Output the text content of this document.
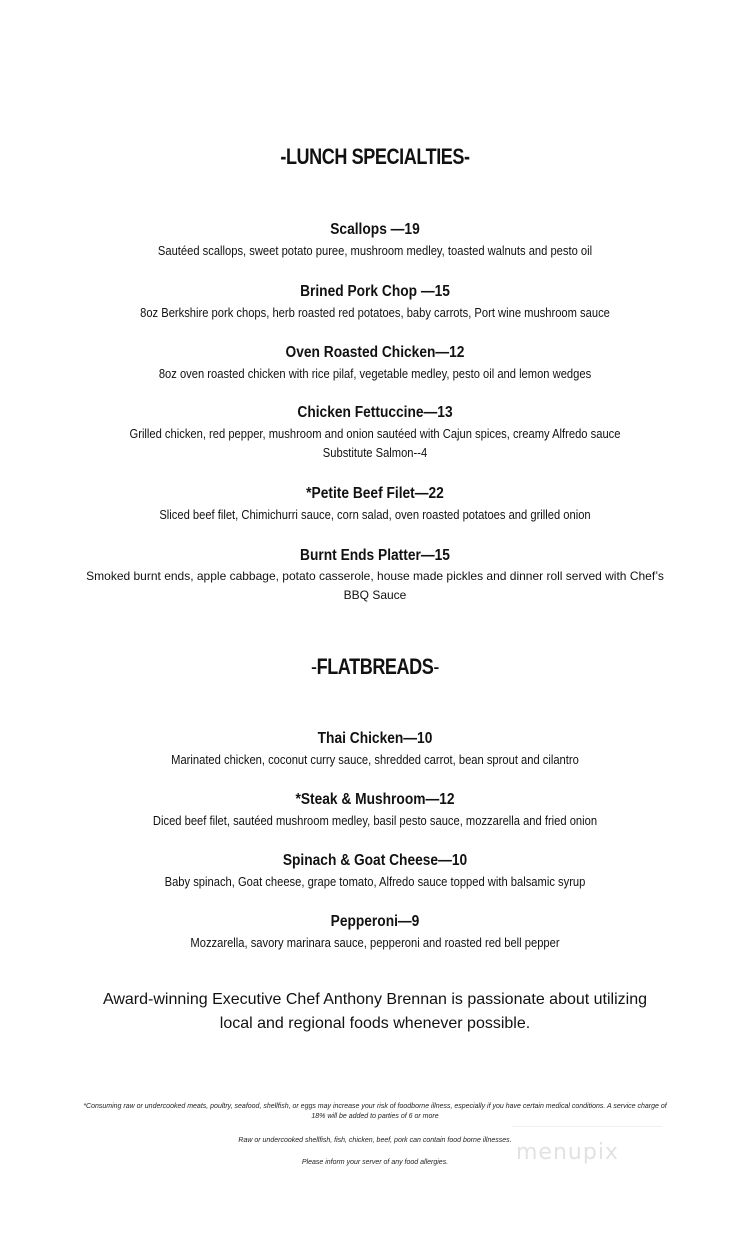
-LUNCH SPECIALTIES-
Scallops —19
Sautéed scallops, sweet potato puree, mushroom medley, toasted walnuts and pesto oil
Brined Pork Chop —15
8oz Berkshire pork chops, herb roasted red potatoes, baby carrots, Port wine mushroom sauce
Oven Roasted Chicken—12
8oz oven roasted chicken with rice pilaf, vegetable medley, pesto oil and lemon wedges
Chicken Fettuccine—13
Grilled chicken, red pepper, mushroom and onion sautéed with Cajun spices, creamy Alfredo sauce
Substitute Salmon--4
*Petite Beef Filet—22
Sliced beef filet, Chimichurri sauce, corn salad, oven roasted potatoes and grilled onion
Burnt Ends Platter—15
Smoked burnt ends, apple cabbage, potato casserole, house made pickles and dinner roll served with Chef’s BBQ Sauce
-FLATBREADS-
Thai Chicken—10
Marinated chicken, coconut curry sauce, shredded carrot, bean sprout and cilantro
*Steak & Mushroom—12
Diced beef filet, sautéed mushroom medley, basil pesto sauce, mozzarella and fried onion
Spinach & Goat Cheese—10
Baby spinach, Goat cheese, grape tomato, Alfredo sauce topped with balsamic syrup
Pepperoni—9
Mozzarella, savory marinara sauce, pepperoni and roasted red bell pepper
Award-winning Executive Chef Anthony Brennan is passionate about utilizing local and regional foods whenever possible.
*Consuming raw or undercooked meats, poultry, seafood, shellfish, or eggs may increase your risk of foodborne illness, especially if you have certain medical conditions. A service charge of 18% will be added to parties of 6 or more
Raw or undercooked shellfish, fish, chicken, beef, pork can contain food borne illnesses.
Please inform your server of any food allergies.	menupix
